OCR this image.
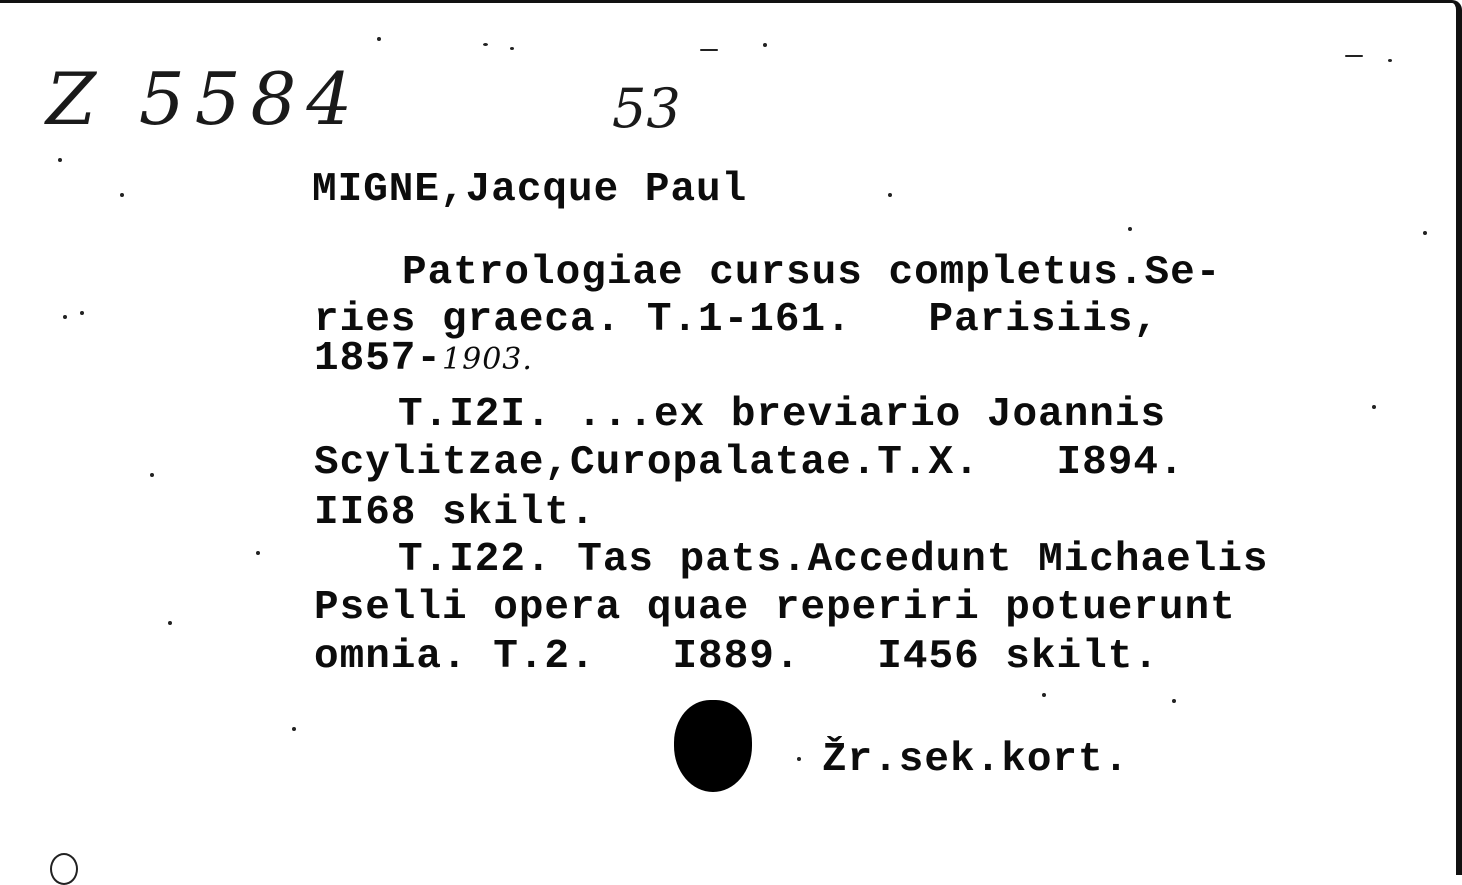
Z 5584	53
MIGNE,Jacque Paul
Patrologiae cursus completus.Se-
ries graeca. T.1-161.   Parisiis,
1857-1903.
T.I2I. ...ex breviario Joannis
Scylitzae,Curopalatae.T.X.   I894.
II68 skilt.
T.I22. Tas pats.Accedunt Michaelis
Pselli opera quae reperiri potuerunt
omnia. T.2.   I889.   I456 skilt.
Žr.sek.kort.
